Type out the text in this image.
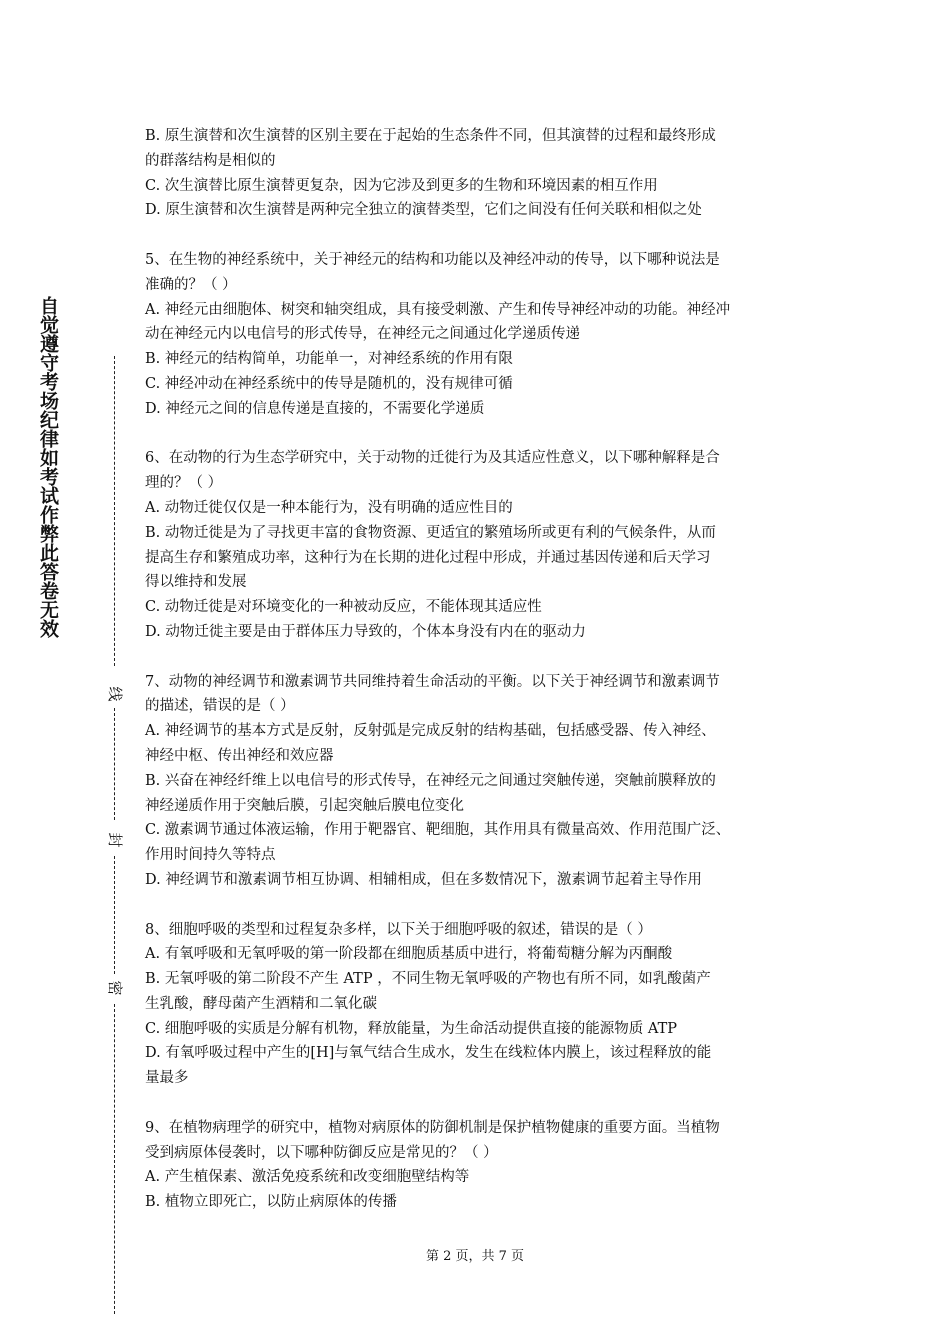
自觉遵守考场纪律如考试作弊此答卷无效
线
封
密
B. 原生演替和次生演替的区别主要在于起始的生态条件不同，但其演替的过程和最终形成
的群落结构是相似的
C. 次生演替比原生演替更复杂，因为它涉及到更多的生物和环境因素的相互作用
D. 原生演替和次生演替是两种完全独立的演替类型，它们之间没有任何关联和相似之处
5、在生物的神经系统中，关于神经元的结构和功能以及神经冲动的传导，以下哪种说法是
准确的？（ ）
A. 神经元由细胞体、树突和轴突组成，具有接受刺激、产生和传导神经冲动的功能。神经冲
动在神经元内以电信号的形式传导，在神经元之间通过化学递质传递
B. 神经元的结构简单，功能单一，对神经系统的作用有限
C. 神经冲动在神经系统中的传导是随机的，没有规律可循
D. 神经元之间的信息传递是直接的，不需要化学递质
6、在动物的行为生态学研究中，关于动物的迁徙行为及其适应性意义，以下哪种解释是合
理的？（ ）
A. 动物迁徙仅仅是一种本能行为，没有明确的适应性目的
B. 动物迁徙是为了寻找更丰富的食物资源、更适宜的繁殖场所或更有利的气候条件，从而
提高生存和繁殖成功率，这种行为在长期的进化过程中形成，并通过基因传递和后天学习
得以维持和发展
C. 动物迁徙是对环境变化的一种被动反应，不能体现其适应性
D. 动物迁徙主要是由于群体压力导致的，个体本身没有内在的驱动力
7、动物的神经调节和激素调节共同维持着生命活动的平衡。以下关于神经调节和激素调节
的描述，错误的是（ ）
A. 神经调节的基本方式是反射，反射弧是完成反射的结构基础，包括感受器、传入神经、
神经中枢、传出神经和效应器
B. 兴奋在神经纤维上以电信号的形式传导，在神经元之间通过突触传递，突触前膜释放的
神经递质作用于突触后膜，引起突触后膜电位变化
C. 激素调节通过体液运输，作用于靶器官、靶细胞，其作用具有微量高效、作用范围广泛、
作用时间持久等特点
D. 神经调节和激素调节相互协调、相辅相成，但在多数情况下，激素调节起着主导作用
8、细胞呼吸的类型和过程复杂多样，以下关于细胞呼吸的叙述，错误的是（ ）
A. 有氧呼吸和无氧呼吸的第一阶段都在细胞质基质中进行，将葡萄糖分解为丙酮酸
B. 无氧呼吸的第二阶段不产生 ATP ，不同生物无氧呼吸的产物也有所不同，如乳酸菌产
生乳酸，酵母菌产生酒精和二氧化碳
C. 细胞呼吸的实质是分解有机物，释放能量，为生命活动提供直接的能源物质 ATP
D. 有氧呼吸过程中产生的[H]与氧气结合生成水，发生在线粒体内膜上，该过程释放的能
量最多
9、在植物病理学的研究中，植物对病原体的防御机制是保护植物健康的重要方面。当植物
受到病原体侵袭时，以下哪种防御反应是常见的？（ ）
A. 产生植保素、激活免疫系统和改变细胞壁结构等
B. 植物立即死亡，以防止病原体的传播
第 2 页，共 7 页
